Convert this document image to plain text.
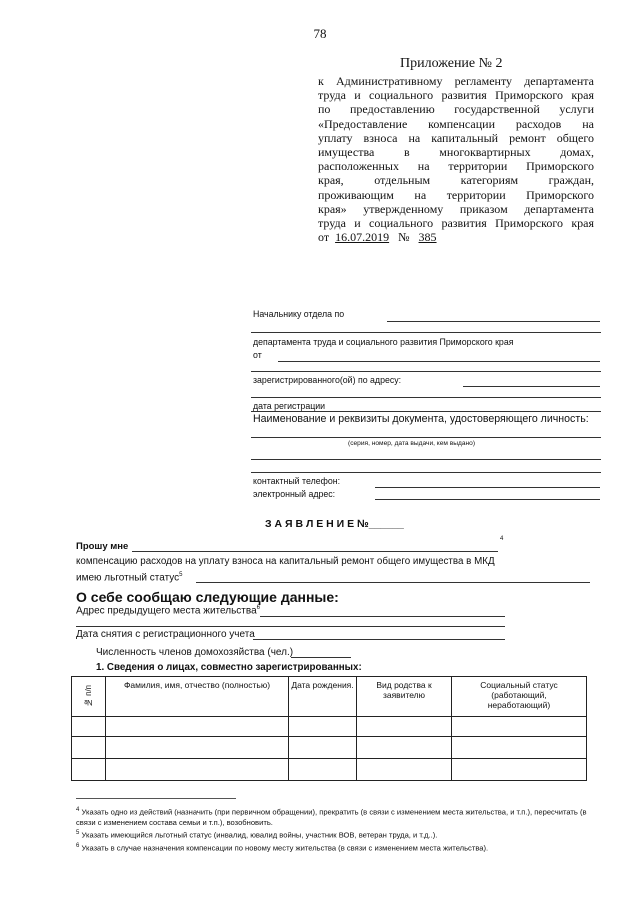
78
Приложение № 2

к Административному регламенту департамента

труда и социального развития Приморского края

по предоставлению государственной услуги

«Предоставление компенсации расходов на

уплату взноса на капитальный ремонт общего

имущества в многоквартирных домах,

расположенных на территории Приморского

края, отдельным категориям граждан,

проживающим на территории Приморского

края» утвержденному приказом департамента

труда и социального развития Приморского края

от 16.07.2019 № 385

Начальнику отдела по
департамента труда и социального развития Приморского края
от
зарегистрированного(ой) по адресу:
дата регистрации
Наименование и реквизиты документа, удостоверяющего личность:
(серия, номер, дата выдачи, кем выдано)
контактный телефон:
электронный адрес:
З А Я В Л Е Н И Е №______
Прошу мне
4
компенсацию расходов на уплату взноса на капитальный ремонт общего имущества в МКД
имею льготный статус$^5$
О себе сообщаю следующие данные:
Адрес предыдущего места жительства$^6$
Дата снятия с регистрационного учета
Численность членов домохозяйства (чел.)
1. Сведения о лицах, совместно зарегистрированных:
№ п/п	Фамилия, имя, отчество (полностью)	Дата рождения.	Вид родства к заявителю	Социальный статус (работающий, неработающий)

$^4$ Указать одно из действий (назначить (при первичном обращении), прекратить (в связи с изменением места жительства, и т.п.), пересчитать (в связи с изменением состава семьи и т.п.), возобновить.
$^5$ Указать имеющийся льготный статус (инвалид, ювалид войны, участник ВОВ, ветеран труда, и т.д..).
$^6$ Указать в случае назначения компенсации по новому месту жительства (в связи с изменением места жительства).
